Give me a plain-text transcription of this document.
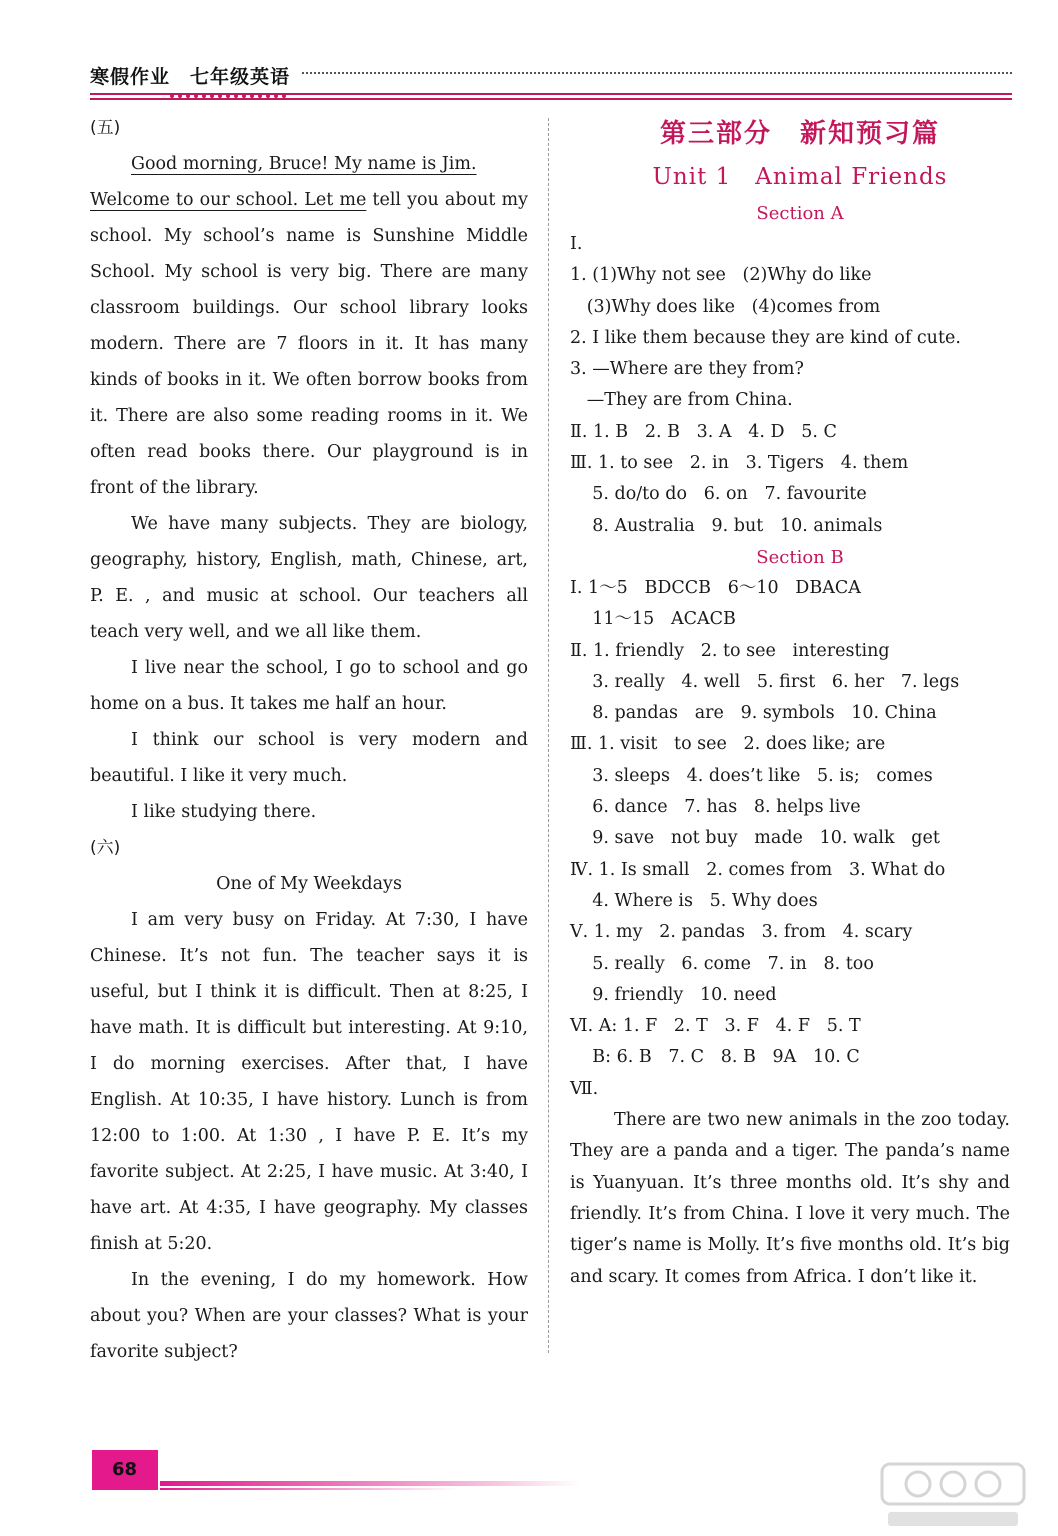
寒假作业　七年级英语

(五)

Good morning, Bruce! My name is Jim.
Welcome to our school. Let me tell you about my school. My school’s name is Sunshine Middle School. My school is very big. There are many classroom buildings. Our school library looks modern. There are 7 floors in it. It has many kinds of books in it. We often borrow books from it. There are also some reading rooms in it. We often read books there. Our playground is in front of the library.

We have many subjects. They are biology, geography, history, English, math, Chinese, art, P. E. , and music at school. Our teachers all teach very well, and we all like them.

I live near the school, I go to school and go home on a bus. It takes me half an hour.

I think our school is very modern and beautiful. I like it very much.

I like studying there.

(六)

One of My Weekdays

I am very busy on Friday. At 7:30, I have Chinese. It’s not fun. The teacher says it is useful, but I think it is difficult. Then at 8:25, I have math. It is difficult but interesting. At 9:10, I do morning exercises. After that, I have English. At 10:35, I have history. Lunch is from 12:00 to 1:00. At 1:30 , I have P. E. It’s my favorite subject. At 2:25, I have music. At 3:40, I have art. At 4:35, I have geography. My classes finish at 5:20.

In the evening, I do my homework. How about you? When are your classes? What is your favorite subject?

第三部分　新知预习篇

Unit 1　Animal Friends

Section A

Ⅰ.

1. (1)Why not see   (2)Why do like

(3)Why does like   (4)comes from

2. I like them because they are kind of cute.

3. —Where are they from?

—They are from China.

Ⅱ. 1. B   2. B   3. A   4. D   5. C

Ⅲ. 1. to see   2. in   3. Tigers   4. them

5. do/to do   6. on   7. favourite

8. Australia   9. but   10. animals

Section B

Ⅰ. 1～5   BDCCB   6～10   DBACA

11～15   ACACB

Ⅱ. 1. friendly   2. to see   interesting

3. really   4. well   5. first   6. her   7. legs

8. pandas   are   9. symbols   10. China

Ⅲ. 1. visit   to see   2. does like; are

3. sleeps   4. does’t like   5. is;   comes

6. dance   7. has   8. helps live

9. save   not buy   made   10. walk   get

Ⅳ. 1. Is small   2. comes from   3. What do

4. Where is   5. Why does

Ⅴ. 1. my   2. pandas   3. from   4. scary

5. really   6. come   7. in   8. too

9. friendly   10. need

Ⅵ. A: 1. F   2. T   3. F   4. F   5. T

B: 6. B   7. C   8. B   9A   10. C

Ⅶ.

There are two new animals in the zoo today. They are a panda and a tiger. The panda’s name is Yuanyuan. It’s three months old. It’s shy and friendly. It’s from China. I love it very much. The tiger’s name is Molly. It’s five months old. It’s big and scary. It comes from Africa. I don’t like it.

68
